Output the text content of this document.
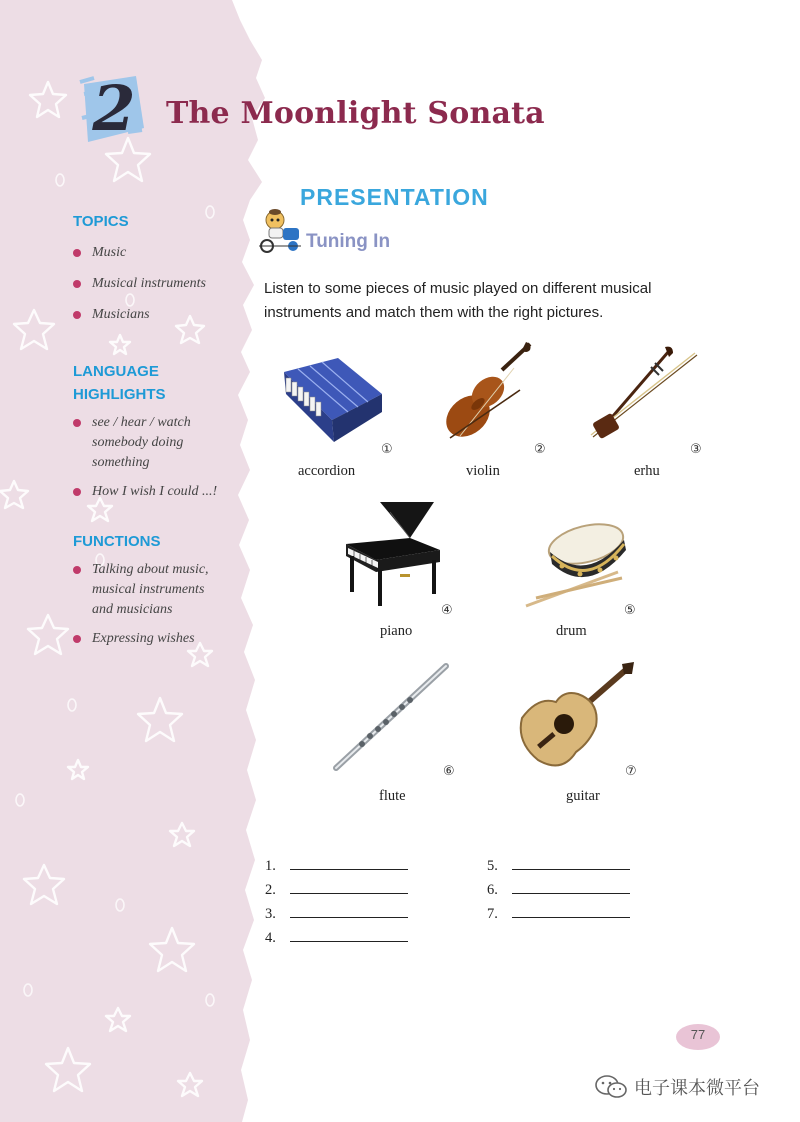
2 The Moonlight Sonata
TOPICS
Music
Musical instruments
Musicians
LANGUAGE
HIGHLIGHTS
see / hear / watch
somebody doing
something
How I wish I could ...!
FUNCTIONS
Talking about music,
musical instruments
and musicians
Expressing wishes
PRESENTATION
Tuning In
Listen to some pieces of music played on different musical
instruments and match them with the right pictures.
①
accordion
②
violin
③
erhu
④
piano
⑤
drum
⑥
flute
⑦
guitar
1.
2.
3.
4.
5.
6.
7.
77
电子课本微平台
